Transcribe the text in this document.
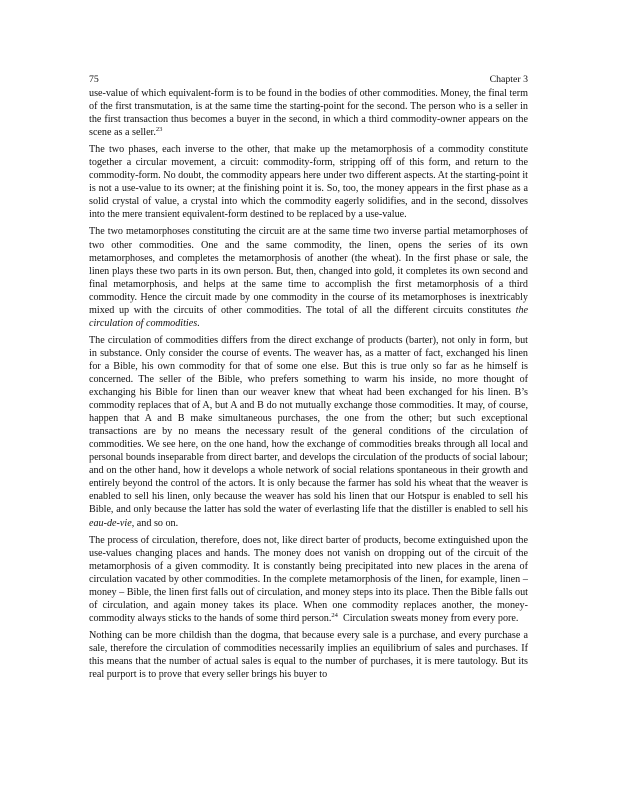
75	Chapter 3

use-value of which equivalent-form is to be found in the bodies of other commodities. Money, the final term of the first transmutation, is at the same time the starting-point for the second. The person who is a seller in the first transaction thus becomes a buyer in the second, in which a third commodity-owner appears on the scene as a seller.$^{23}$

The two phases, each inverse to the other, that make up the metamorphosis of a commodity constitute together a circular movement, a circuit: commodity-form, stripping off of this form, and return to the commodity-form. No doubt, the commodity appears here under two different aspects. At the starting-point it is not a use-value to its owner; at the finishing point it is. So, too, the money appears in the first phase as a solid crystal of value, a crystal into which the commodity eagerly solidifies, and in the second, dissolves into the mere transient equivalent-form destined to be replaced by a use-value.

The two metamorphoses constituting the circuit are at the same time two inverse partial metamorphoses of two other commodities. One and the same commodity, the linen, opens the series of its own metamorphoses, and completes the metamorphosis of another (the wheat). In the first phase or sale, the linen plays these two parts in its own person. But, then, changed into gold, it completes its own second and final metamorphosis, and helps at the same time to accomplish the first metamorphosis of a third commodity. Hence the circuit made by one commodity in the course of its metamorphoses is inextricably mixed up with the circuits of other commodities. The total of all the different circuits constitutes the circulation of commodities.

The circulation of commodities differs from the direct exchange of products (barter), not only in form, but in substance. Only consider the course of events. The weaver has, as a matter of fact, exchanged his linen for a Bible, his own commodity for that of some one else. But this is true only so far as he himself is concerned. The seller of the Bible, who prefers something to warm his inside, no more thought of exchanging his Bible for linen than our weaver knew that wheat had been exchanged for his linen. B’s commodity replaces that of A, but A and B do not mutually exchange those commodities. It may, of course, happen that A and B make simultaneous purchases, the one from the other; but such exceptional transactions are by no means the necessary result of the general conditions of the circulation of commodities. We see here, on the one hand, how the exchange of commodities breaks through all local and personal bounds inseparable from direct barter, and develops the circulation of the products of social labour; and on the other hand, how it develops a whole network of social relations spontaneous in their growth and entirely beyond the control of the actors. It is only because the farmer has sold his wheat that the weaver is enabled to sell his linen, only because the weaver has sold his linen that our Hotspur is enabled to sell his Bible, and only because the latter has sold the water of everlasting life that the distiller is enabled to sell his eau-de-vie, and so on.

The process of circulation, therefore, does not, like direct barter of products, become extinguished upon the use-values changing places and hands. The money does not vanish on dropping out of the circuit of the metamorphosis of a given commodity. It is constantly being precipitated into new places in the arena of circulation vacated by other commodities. In the complete metamorphosis of the linen, for example, linen – money – Bible, the linen first falls out of circulation, and money steps into its place. Then the Bible falls out of circulation, and again money takes its place. When one commodity replaces another, the money-commodity always sticks to the hands of some third person.$^{24}$  Circulation sweats money from every pore.

Nothing can be more childish than the dogma, that because every sale is a purchase, and every purchase a sale, therefore the circulation of commodities necessarily implies an equilibrium of sales and purchases. If this means that the number of actual sales is equal to the number of purchases, it is mere tautology. But its real purport is to prove that every seller brings his buyer to
